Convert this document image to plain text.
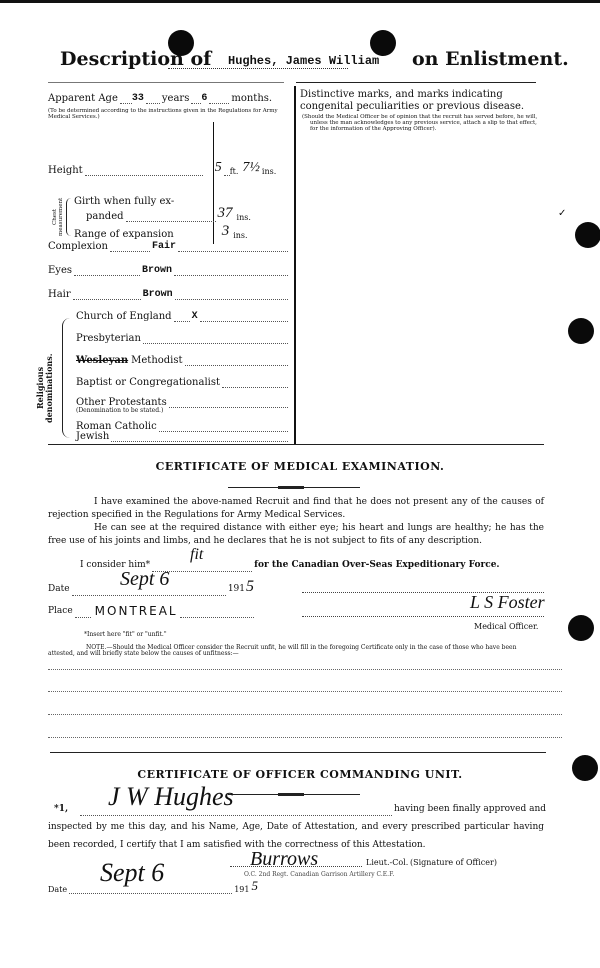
Description of Hughes, James William on Enlistment.
Apparent Age 33 years 6 months.
(To be determined according to the instructions given in the Regulations for Army Medical Services.)
Height	5 ft. 7½ ins.
Chest measurement Girth when fully ex-
panded	37 ins.
Range of expansion	3 ins.
Complexion	Fair
Eyes	Brown
Hair	Brown
Religious denominations.
Church of England X
Presbyterian
Wesleyan Methodist
Baptist or Congregationalist
Other Protestants
(Denomination to be stated.)
Roman Catholic
Jewish
Distinctive marks, and marks indicating congenital peculiarities or previous disease.
(Should the Medical Officer be of opinion that the recruit has served before, he will, unless the man acknowledges to any previous service, attach a slip to that effect, for the information of the Approving Officer).
✓
CERTIFICATE OF MEDICAL EXAMINATION.
I have examined the above-named Recruit and find that he does not present any of the causes of rejection specified in the Regulations for Army Medical Services.
He can see at the required distance with either eye; his heart and lungs are healthy; he has the free use of his joints and limbs, and he declares that he is not subject to fits of any description.
I consider him*
fit
for the Canadian Over-Seas Expeditionary Force.
Date	191 5
Sept 6
Place MONTREAL	L S Foster
Medical Officer.
*Insert here "fit" or "unfit."
NOTE.—Should the Medical Officer consider the Recruit unfit, he will fill in the foregoing Certificate only in the case of those who have been attested, and will briefly state below the causes of unfitness:—
CERTIFICATE OF OFFICER COMMANDING UNIT.
*1,	having been finally approved and
J W Hughes
inspected by me this day, and his Name, Age, Date of Attestation, and every prescribed particular having been recorded, I certify that I am satisfied with the correctness of this Attestation.
Burrows	Lieut.-Col. (Signature of Officer)
O.C. 2nd Regt. Canadian Garrison Artillery C.E.F.
Date	191 5
Sept 6
